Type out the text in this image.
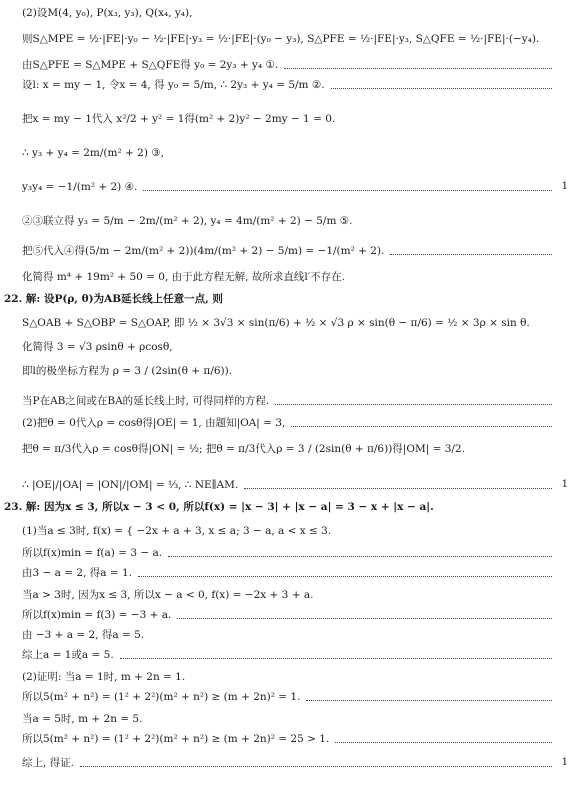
(2)设M(4, y₀), P(x₃, y₃), Q(x₄, y₄),
则S△MPE = ½·|FE|·y₀ − ½·|FE|·y₃ = ½·|FE|·(y₀ − y₃), S△PFE = ½·|FE|·y₃, S△QFE = ½·|FE|·(−y₄).
由S△PFE = S△MPE + S△QFE得 y₀ = 2y₃ + y₄ ①.
设l: x = my − 1, 令x = 4, 得 y₀ = 5/m, ∴ 2y₃ + y₄ = 5/m ②.
把x = my − 1代入 x²/2 + y² = 1得(m² + 2)y² − 2my − 1 = 0.
∴ y₃ + y₄ = 2m/(m² + 2) ③,
y₃y₄ = −1/(m² + 2) ④.	1
②③联立得 y₃ = 5/m − 2m/(m² + 2), y₄ = 4m/(m² + 2) − 5/m ⑤.
把⑤代入④得(5/m − 2m/(m² + 2))(4m/(m² + 2) − 5/m) = −1/(m² + 2).
化简得 m⁴ + 19m² + 50 = 0, 由于此方程无解, 故所求直线l′不存在.
22. 解: 设P(ρ, θ)为AB延长线上任意一点, 则
S△OAB + S△OBP = S△OAP, 即 ½ × 3√3 × sin(π/6) + ½ × √3 ρ × sin(θ − π/6) = ½ × 3ρ × sin θ.
化简得 3 = √3 ρsinθ + ρcosθ,
即l的极坐标方程为 ρ = 3 / (2sin(θ + π/6)).
当P在AB之间或在BA的延长线上时, 可得同样的方程.
(2)把θ = 0代入ρ = cosθ得|OE| = 1, 由题知|OA| = 3,
把θ = π/3代入ρ = cosθ得|ON| = ½; 把θ = π/3代入ρ = 3 / (2sin(θ + π/6))得|OM| = 3/2.
∴ |OE|/|OA| = |ON|/|OM| = ⅓, ∴ NE∥AM.	1
23. 解: 因为x ≤ 3, 所以x − 3 < 0, 所以f(x) = |x − 3| + |x − a| = 3 − x + |x − a|.
(1)当a ≤ 3时, f(x) = { −2x + a + 3, x ≤ a; 3 − a, a < x ≤ 3.
所以f(x)min = f(a) = 3 − a.
由3 − a = 2, 得a = 1.
当a > 3时, 因为x ≤ 3, 所以x − a < 0, f(x) = −2x + 3 + a.
所以f(x)min = f(3) = −3 + a.
由 −3 + a = 2, 得a = 5.
综上a = 1或a = 5.
(2)证明: 当a = 1时, m + 2n = 1.
所以5(m² + n²) = (1² + 2²)(m² + n²) ≥ (m + 2n)² = 1.
当a = 5时, m + 2n = 5.
所以5(m² + n²) = (1² + 2²)(m² + n²) ≥ (m + 2n)² = 25 > 1.
综上, 得证.	1
